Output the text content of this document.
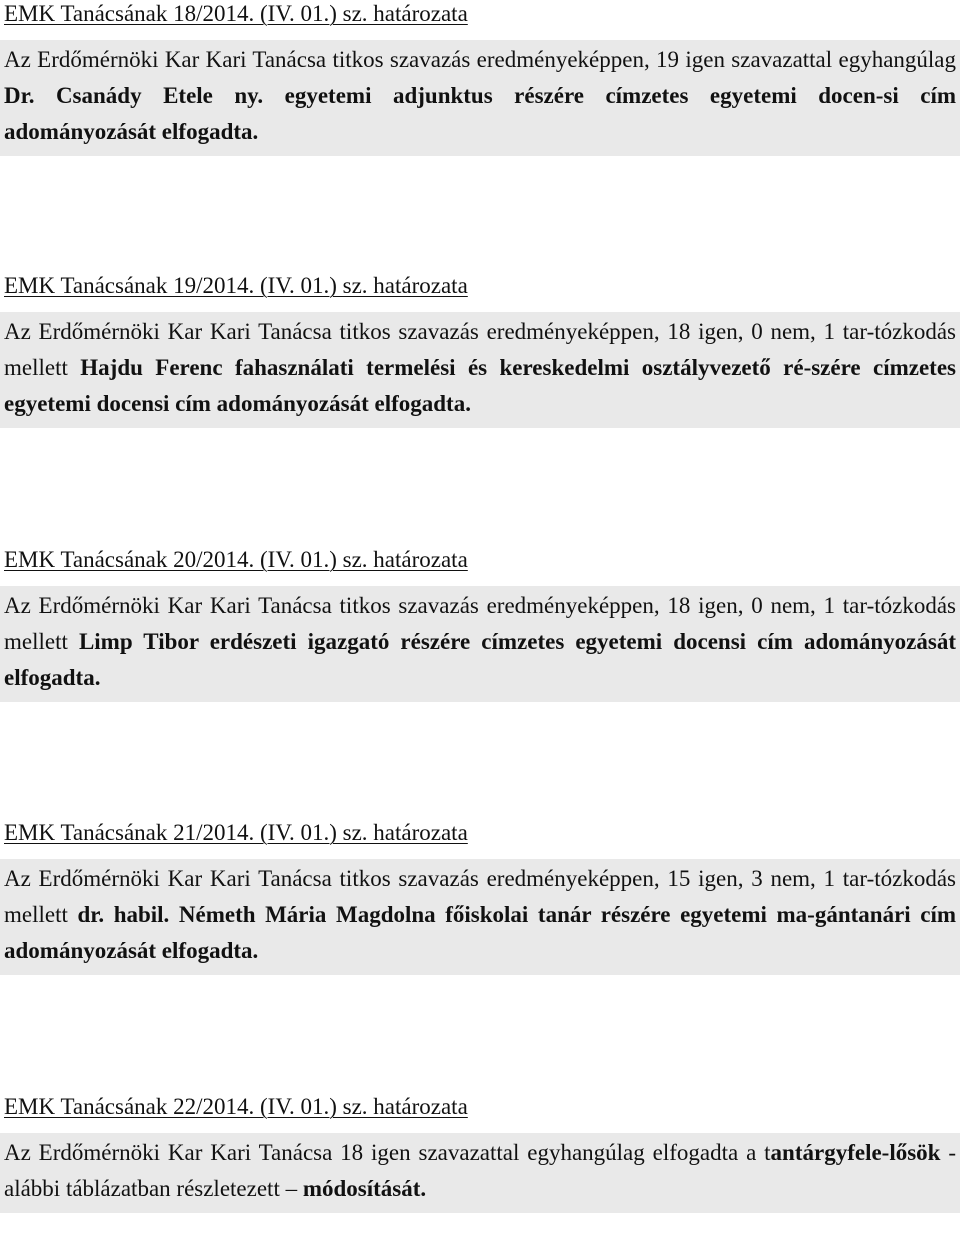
EMK Tanácsának 18/2014. (IV. 01.) sz. határozata
Az Erdőmérnöki Kar Kari Tanácsa titkos szavazás eredményeképpen, 19 igen szavazattal egyhangúlag Dr. Csanády Etele ny. egyetemi adjunktus részére címzetes egyetemi docen-si cím adományozását elfogadta.
EMK Tanácsának 19/2014. (IV. 01.) sz. határozata
Az Erdőmérnöki Kar Kari Tanácsa titkos szavazás eredményeképpen, 18 igen, 0 nem, 1 tar-tózkodás mellett Hajdu Ferenc fahasználati termelési és kereskedelmi osztályvezető ré-szére címzetes egyetemi docensi cím adományozását elfogadta.
EMK Tanácsának 20/2014. (IV. 01.) sz. határozata
Az Erdőmérnöki Kar Kari Tanácsa titkos szavazás eredményeképpen, 18 igen, 0 nem, 1 tar-tózkodás mellett Limp Tibor erdészeti igazgató részére címzetes egyetemi docensi cím adományozását elfogadta.
EMK Tanácsának 21/2014. (IV. 01.) sz. határozata
Az Erdőmérnöki Kar Kari Tanácsa titkos szavazás eredményeképpen, 15 igen, 3 nem, 1 tar-tózkodás mellett dr. habil. Németh Mária Magdolna főiskolai tanár részére egyetemi ma-gántanári cím adományozását elfogadta.
EMK Tanácsának 22/2014. (IV. 01.) sz. határozata
Az Erdőmérnöki Kar Kari Tanácsa 18 igen szavazattal egyhangúlag elfogadta a tantárgyfele-lősök - alábbi táblázatban részletezett – módosítását.
